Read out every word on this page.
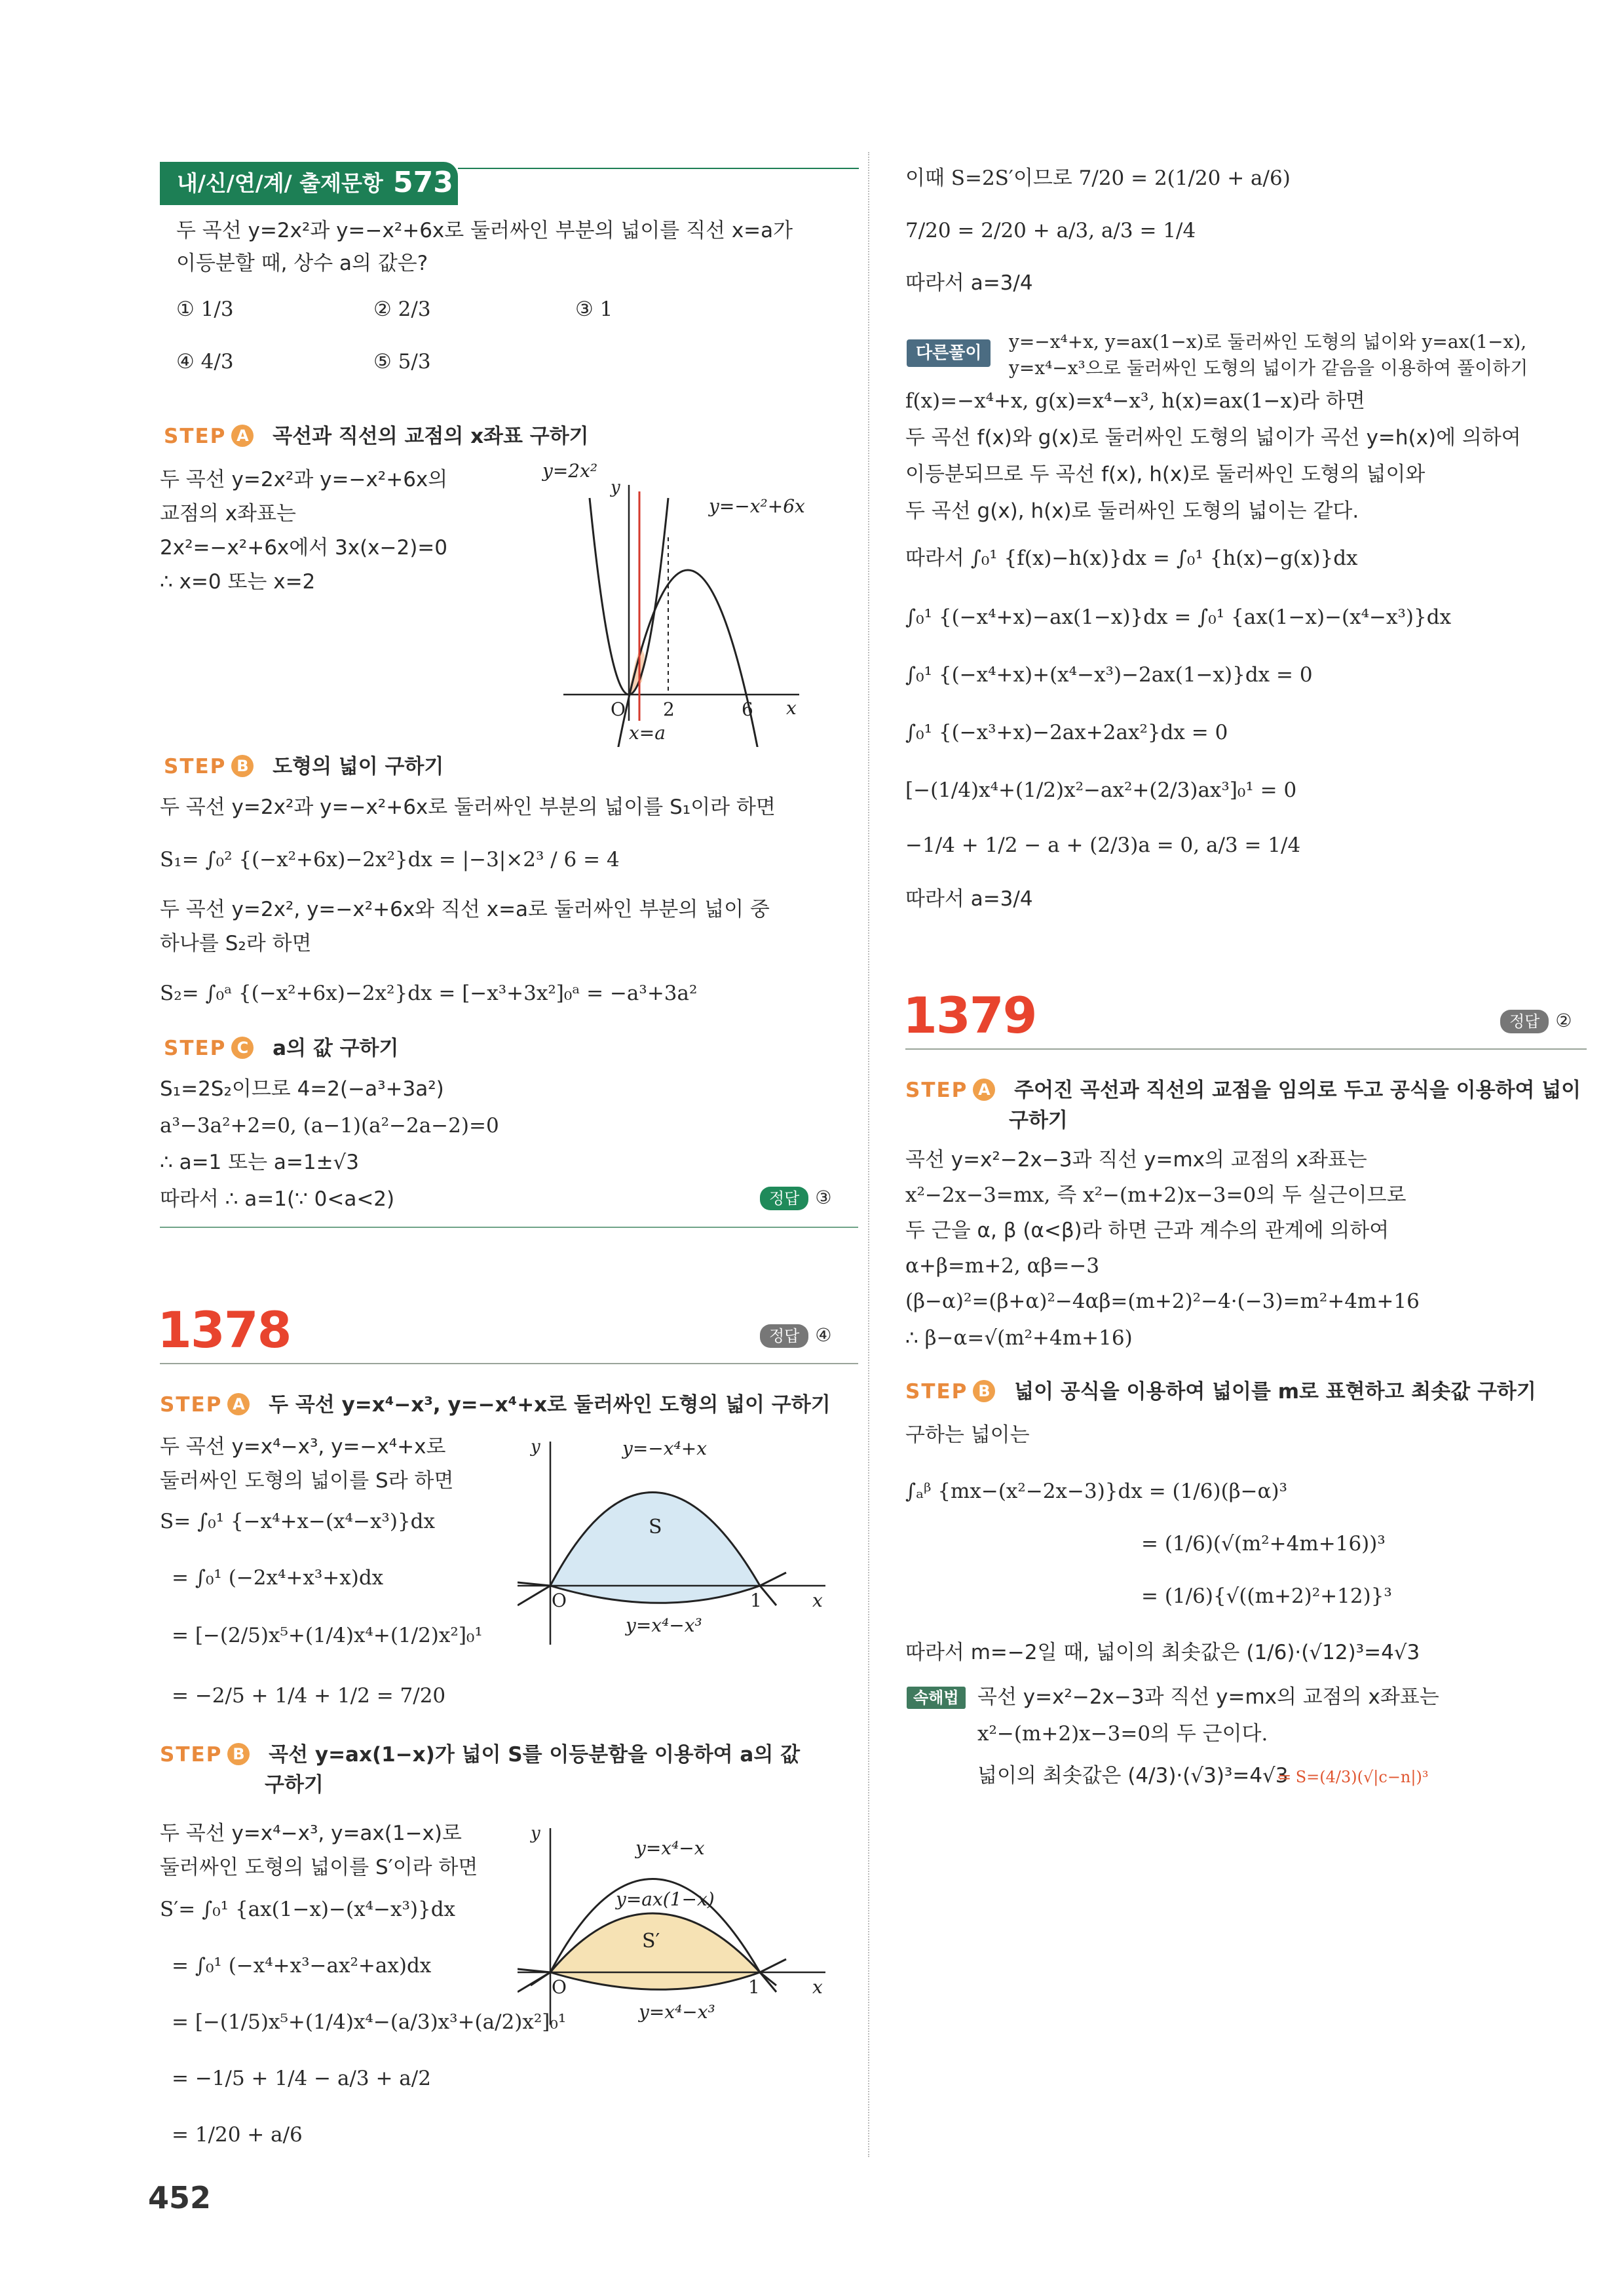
내/신/연/계/ 출제문항 573
두 곡선 y=2x²과 y=−x²+6x로 둘러싸인 부분의 넓이를 직선 x=a가
이등분할 때, 상수 a의 값은?
① 1/3	② 2/3	③ 1
④ 4/3	⑤ 5/3
STEP A 곡선과 직선의 교점의 x좌표 구하기
두 곡선 y=2x²과 y=−x²+6x의
교점의 x좌표는
2x²=−x²+6x에서 3x(x−2)=0
∴ x=0 또는 x=2
y=2x²
y
y=−x²+6x
O 2	6 x
x=a
STEP B 도형의 넓이 구하기
두 곡선 y=2x²과 y=−x²+6x로 둘러싸인 부분의 넓이를 S₁이라 하면
S₁= ∫₀² {(−x²+6x)−2x²}dx = |−3|×2³ / 6 = 4
두 곡선 y=2x², y=−x²+6x와 직선 x=a로 둘러싸인 부분의 넓이 중
하나를 S₂라 하면
S₂= ∫₀ᵃ {(−x²+6x)−2x²}dx = [−x³+3x²]₀ᵃ = −a³+3a²
STEP C a의 값 구하기
S₁=2S₂이므로 4=2(−a³+3a²)
a³−3a²+2=0, (a−1)(a²−2a−2)=0
∴ a=1 또는 a=1±√3
따라서 ∴ a=1(∵ 0<a<2)	정답 ③
1378	정답 ④
STEP A 두 곡선 y=x⁴−x³, y=−x⁴+x로 둘러싸인 도형의 넓이 구하기
두 곡선 y=x⁴−x³, y=−x⁴+x로
둘러싸인 도형의 넓이를 S라 하면
S= ∫₀¹ {−x⁴+x−(x⁴−x³)}dx
= ∫₀¹ (−2x⁴+x³+x)dx
= [−(2/5)x⁵+(1/4)x⁴+(1/2)x²]₀¹
= −2/5 + 1/4 + 1/2 = 7/20
y	y=−x⁴+x
S
O	1	x
y=x⁴−x³
STEP B 곡선 y=ax(1−x)가 넓이 S를 이등분함을 이용하여 a의 값
구하기
두 곡선 y=x⁴−x³, y=ax(1−x)로
둘러싸인 도형의 넓이를 S′이라 하면
S′= ∫₀¹ {ax(1−x)−(x⁴−x³)}dx
= ∫₀¹ (−x⁴+x³−ax²+ax)dx
= [−(1/5)x⁵+(1/4)x⁴−(a/3)x³+(a/2)x²]₀¹
= −1/5 + 1/4 − a/3 + a/2
= 1/20 + a/6
y
y=x⁴−x
y=ax(1−x)
S′
O	1	x
y=x⁴−x³
452
이때 S=2S′이므로 7/20 = 2(1/20 + a/6)
7/20 = 2/20 + a/3, a/3 = 1/4
따라서 a=3/4
다른풀이
y=−x⁴+x, y=ax(1−x)로 둘러싸인 도형의 넓이와 y=ax(1−x),
y=x⁴−x³으로 둘러싸인 도형의 넓이가 같음을 이용하여 풀이하기
f(x)=−x⁴+x, g(x)=x⁴−x³, h(x)=ax(1−x)라 하면
두 곡선 f(x)와 g(x)로 둘러싸인 도형의 넓이가 곡선 y=h(x)에 의하여
이등분되므로 두 곡선 f(x), h(x)로 둘러싸인 도형의 넓이와
두 곡선 g(x), h(x)로 둘러싸인 도형의 넓이는 같다.
따라서 ∫₀¹ {f(x)−h(x)}dx = ∫₀¹ {h(x)−g(x)}dx
∫₀¹ {(−x⁴+x)−ax(1−x)}dx = ∫₀¹ {ax(1−x)−(x⁴−x³)}dx
∫₀¹ {(−x⁴+x)+(x⁴−x³)−2ax(1−x)}dx = 0
∫₀¹ {(−x³+x)−2ax+2ax²}dx = 0
[−(1/4)x⁴+(1/2)x²−ax²+(2/3)ax³]₀¹ = 0
−1/4 + 1/2 − a + (2/3)a = 0, a/3 = 1/4
따라서 a=3/4
1379	정답 ②
STEP A 주어진 곡선과 직선의 교점을 임의로 두고 공식을 이용하여 넓이
구하기
곡선 y=x²−2x−3과 직선 y=mx의 교점의 x좌표는
x²−2x−3=mx, 즉 x²−(m+2)x−3=0의 두 실근이므로
두 근을 α, β (α<β)라 하면 근과 계수의 관계에 의하여
α+β=m+2, αβ=−3
(β−α)²=(β+α)²−4αβ=(m+2)²−4·(−3)=m²+4m+16
∴ β−α=√(m²+4m+16)
STEP B 넓이 공식을 이용하여 넓이를 m로 표현하고 최솟값 구하기
구하는 넓이는
∫ₐᵝ {mx−(x²−2x−3)}dx = (1/6)(β−α)³
= (1/6)(√(m²+4m+16))³
= (1/6){√((m+2)²+12)}³
따라서 m=−2일 때, 넓이의 최솟값은 (1/6)·(√12)³=4√3
속해법 곡선 y=x²−2x−3과 직선 y=mx의 교점의 x좌표는
x²−(m+2)x−3=0의 두 근이다.
넓이의 최솟값은 (4/3)·(√3)³=4√3
⇐ S=(4/3)(√|c−n|)³
